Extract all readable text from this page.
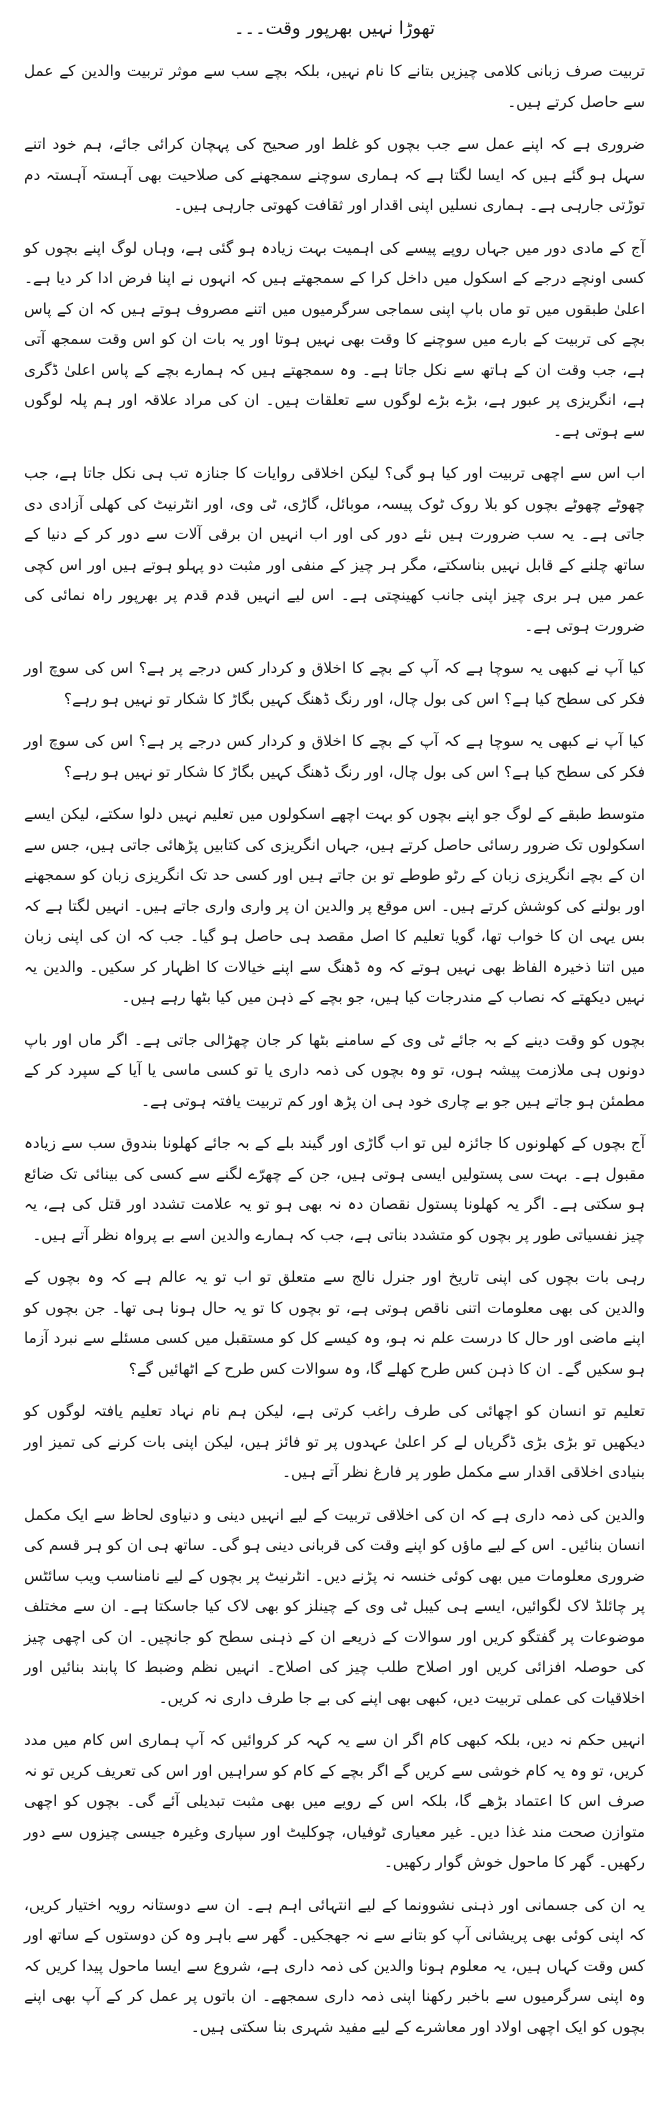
تھوڑا نہیں بھرپور وقت۔۔۔

تربیت صرف زبانی کلامی چیزیں بتانے کا نام نہیں، بلکہ بچے سب سے موثر تربیت والدین کے عمل سے حاصل کرتے ہیں۔

ضروری ہے کہ اپنے عمل سے جب بچوں کو غلط اور صحیح کی پہچان کرائی جائے، ہم خود اتنے سہل ہو گئے ہیں کہ ایسا لگتا ہے کہ ہماری سوچنے سمجھنے کی صلاحیت بھی آہستہ آہستہ دم توڑتی جارہی ہے۔ ہماری نسلیں اپنی اقدار اور ثقافت کھوتی جارہی ہیں۔

آج کے مادی دور میں جہاں روپے پیسے کی اہمیت بہت زیادہ ہو گئی ہے، وہاں لوگ اپنے بچوں کو کسی اونچے درجے کے اسکول میں داخل کرا کے سمجھتے ہیں کہ انہوں نے اپنا فرض ادا کر دیا ہے۔ اعلیٰ طبقوں میں تو ماں باپ اپنی سماجی سرگرمیوں میں اتنے مصروف ہوتے ہیں کہ ان کے پاس بچے کی تربیت کے بارے میں سوچنے کا وقت بھی نہیں ہوتا اور یہ بات ان کو اس وقت سمجھ آتی ہے، جب وقت ان کے ہاتھ سے نکل جاتا ہے۔ وہ سمجھتے ہیں کہ ہمارے بچے کے پاس اعلیٰ ڈگری ہے، انگریزی پر عبور ہے، بڑے بڑے لوگوں سے تعلقات ہیں۔ ان کی مراد علاقہ اور ہم پلہ لوگوں سے ہوتی ہے۔

اب اس سے اچھی تربیت اور کیا ہو گی؟ لیکن اخلاقی روایات کا جنازہ تب ہی نکل جاتا ہے، جب چھوٹے چھوٹے بچوں کو بلا روک ٹوک پیسہ، موبائل، گاڑی، ٹی وی، اور انٹرنیٹ کی کھلی آزادی دی جاتی ہے۔ یہ سب ضرورت ہیں نئے دور کی اور اب انہیں ان برقی آلات سے دور کر کے دنیا کے ساتھ چلنے کے قابل نہیں بناسکتے، مگر ہر چیز کے منفی اور مثبت دو پہلو ہوتے ہیں اور اس کچی عمر میں ہر بری چیز اپنی جانب کھینچتی ہے۔ اس لیے انہیں قدم قدم پر بھرپور راہ نمائی کی ضرورت ہوتی ہے۔

کیا آپ نے کبھی یہ سوچا ہے کہ آپ کے بچے کا اخلاق و کردار کس درجے پر ہے؟ اس کی سوچ اور فکر کی سطح کیا ہے؟ اس کی بول چال، اور رنگ ڈھنگ کہیں بگاڑ کا شکار تو نہیں ہو رہے؟

کیا آپ نے کبھی یہ سوچا ہے کہ آپ کے بچے کا اخلاق و کردار کس درجے پر ہے؟ اس کی سوچ اور فکر کی سطح کیا ہے؟ اس کی بول چال، اور رنگ ڈھنگ کہیں بگاڑ کا شکار تو نہیں ہو رہے؟

متوسط طبقے کے لوگ جو اپنے بچوں کو بہت اچھے اسکولوں میں تعلیم نہیں دلوا سکتے، لیکن ایسے اسکولوں تک ضرور رسائی حاصل کرتے ہیں، جہاں انگریزی کی کتابیں پڑھائی جاتی ہیں، جس سے ان کے بچے انگریزی زبان کے رٹو طوطے تو بن جاتے ہیں اور کسی حد تک انگریزی زبان کو سمجھنے اور بولنے کی کوشش کرتے ہیں۔ اس موقع پر والدین ان پر واری واری جاتے ہیں۔ انہیں لگتا ہے کہ بس یہی ان کا خواب تھا، گویا تعلیم کا اصل مقصد ہی حاصل ہو گیا۔ جب کہ ان کی اپنی زبان میں اتنا ذخیرہ الفاظ بھی نہیں ہوتے کہ وہ ڈھنگ سے اپنے خیالات کا اظہار کر سکیں۔ والدین یہ نہیں دیکھتے کہ نصاب کے مندرجات کیا ہیں، جو بچے کے ذہن میں کیا بٹھا رہے ہیں۔

بچوں کو وقت دینے کے بہ جائے ٹی وی کے سامنے بٹھا کر جان چھڑالی جاتی ہے۔ اگر ماں اور باپ دونوں ہی ملازمت پیشہ ہوں، تو وہ بچوں کی ذمہ داری یا تو کسی ماسی یا آیا کے سپرد کر کے مطمئن ہو جاتے ہیں جو بے چاری خود ہی ان پڑھ اور کم تربیت یافتہ ہوتی ہے۔

آج بچوں کے کھلونوں کا جائزہ لیں تو اب گاڑی اور گیند بلے کے بہ جائے کھلونا بندوق سب سے زیادہ مقبول ہے۔ بہت سی پستولیں ایسی ہوتی ہیں، جن کے چھرّے لگنے سے کسی کی بینائی تک ضائع ہو سکتی ہے۔ اگر یہ کھلونا پستول نقصان دہ نہ بھی ہو تو یہ علامت تشدد اور قتل کی ہے، یہ چیز نفسیاتی طور پر بچوں کو متشدد بناتی ہے، جب کہ ہمارے والدین اسے بے پرواہ نظر آتے ہیں۔

رہی بات بچوں کی اپنی تاریخ اور جنرل نالج سے متعلق تو اب تو یہ عالم ہے کہ وہ بچوں کے والدین کی بھی معلومات اتنی ناقص ہوتی ہے، تو بچوں کا تو یہ حال ہونا ہی تھا۔ جن بچوں کو اپنے ماضی اور حال کا درست علم نہ ہو، وہ کیسے کل کو مستقبل میں کسی مسئلے سے نبرد آزما ہو سکیں گے۔ ان کا ذہن کس طرح کھلے گا، وہ سوالات کس طرح کے اٹھائیں گے؟

تعلیم تو انسان کو اچھائی کی طرف راغب کرتی ہے، لیکن ہم نام نہاد تعلیم یافتہ لوگوں کو دیکھیں تو بڑی بڑی ڈگریاں لے کر اعلیٰ عہدوں پر تو فائز ہیں، لیکن اپنی بات کرنے کی تمیز اور بنیادی اخلاقی اقدار سے مکمل طور پر فارغ نظر آتے ہیں۔

والدین کی ذمہ داری ہے کہ ان کی اخلاقی تربیت کے لیے انہیں دینی و دنیاوی لحاظ سے ایک مکمل انسان بنائیں۔ اس کے لیے ماؤں کو اپنے وقت کی قربانی دینی ہو گی۔ ساتھ ہی ان کو ہر قسم کی ضروری معلومات میں بھی کوئی خنسہ نہ پڑنے دیں۔ انٹرنیٹ پر بچوں کے لیے نامناسب ویب سائٹس پر چائلڈ لاک لگوائیں، ایسے ہی کیبل ٹی وی کے چینلز کو بھی لاک کیا جاسکتا ہے۔ ان سے مختلف موضوعات پر گفتگو کریں اور سوالات کے ذریعے ان کے ذہنی سطح کو جانچیں۔ ان کی اچھی چیز کی حوصلہ افزائی کریں اور اصلاح طلب چیز کی اصلاح۔ انہیں نظم وضبط کا پابند بنائیں اور اخلاقیات کی عملی تربیت دیں، کبھی بھی اپنے کی بے جا طرف داری نہ کریں۔

انہیں حکم نہ دیں، بلکہ کبھی کام اگر ان سے یہ کہہ کر کروائیں کہ آپ ہماری اس کام میں مدد کریں، تو وہ یہ کام خوشی سے کریں گے اگر بچے کے کام کو سراہیں اور اس کی تعریف کریں تو نہ صرف اس کا اعتماد بڑھے گا، بلکہ اس کے رویے میں بھی مثبت تبدیلی آئے گی۔ بچوں کو اچھی متوازن صحت مند غذا دیں۔ غیر معیاری ٹوفیاں، چوکلیٹ اور سپاری وغیرہ جیسی چیزوں سے دور رکھیں۔ گھر کا ماحول خوش گوار رکھیں۔

یہ ان کی جسمانی اور ذہنی نشوونما کے لیے انتہائی اہم ہے۔ ان سے دوستانہ رویہ اختیار کریں، کہ اپنی کوئی بھی پریشانی آپ کو بتانے سے نہ جھجکیں۔ گھر سے باہر وہ کن دوستوں کے ساتھ اور کس وقت کہاں ہیں، یہ معلوم ہونا والدین کی ذمہ داری ہے، شروع سے ایسا ماحول پیدا کریں کہ وہ اپنی سرگرمیوں سے باخبر رکھنا اپنی ذمہ داری سمجھے۔ ان باتوں پر عمل کر کے آپ بھی اپنے بچوں کو ایک اچھی اولاد اور معاشرے کے لیے مفید شہری بنا سکتی ہیں۔
